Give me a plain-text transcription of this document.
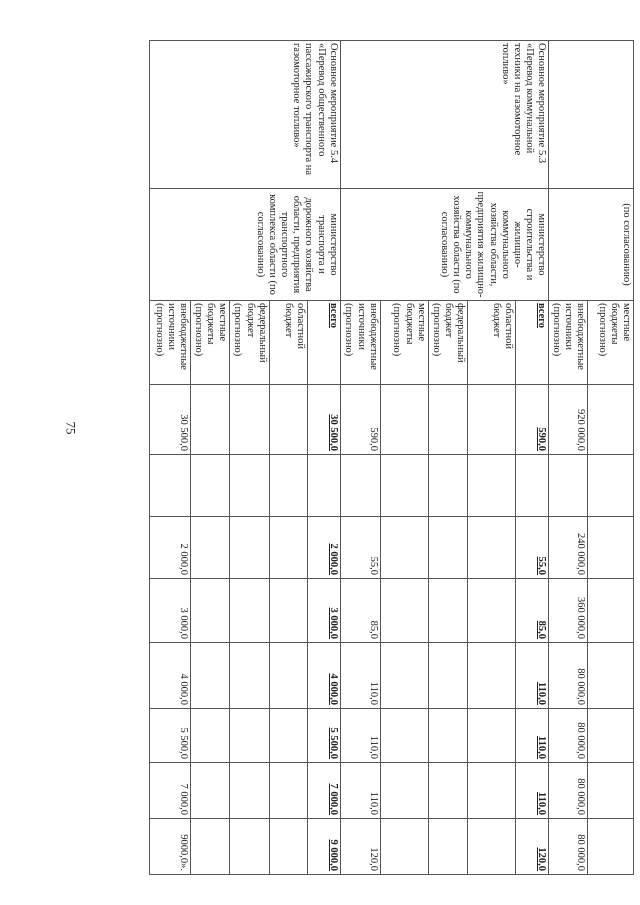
75
	(по согласованию)	местные бюджеты (прогнозно)								
		внебюджетные источники (прогнозно)	920 000,0		240 000,0	360 000,0	80 000,0	80 000,0	80 000,0	80 000,0
Основное мероприятие 5.3 «Перевод коммунальной техники на газомоторное топливо»	министерство строительства и жилищно-коммунального хозяйства области, предприятия жилищно-коммунального хозяйства области (по согласованию)	всего	590,0		55,0	85,0	110,0	110,0	110,0	120,0
		областной бюджет								
		федеральный бюджет (прогнозно)								
		местные бюджеты (прогнозно)								
		внебюджетные источники (прогнозно)	590,0		55,0	85,0	110,0	110,0	110,0	120,0
Основное мероприятие 5.4 «Перевод общественного пассажирского транспорта на газомоторное топливо»	министерство транспорта и дорожного хозяйства области, предприятия транспортного комплекса области (по согласованию)	всего	30 500,0		2 000,0	3 000,0	4 000,0	5 500,0	7 000,0	9 000,0
		областной бюджет								
		федеральный бюджет (прогнозно)								
		местные бюджеты (прогнозно)								
		внебюджетные источники (прогнозно)	30 500,0		2 000,0	3 000,0	4 000,0	5 500,0	7 000,0	9000,0».
